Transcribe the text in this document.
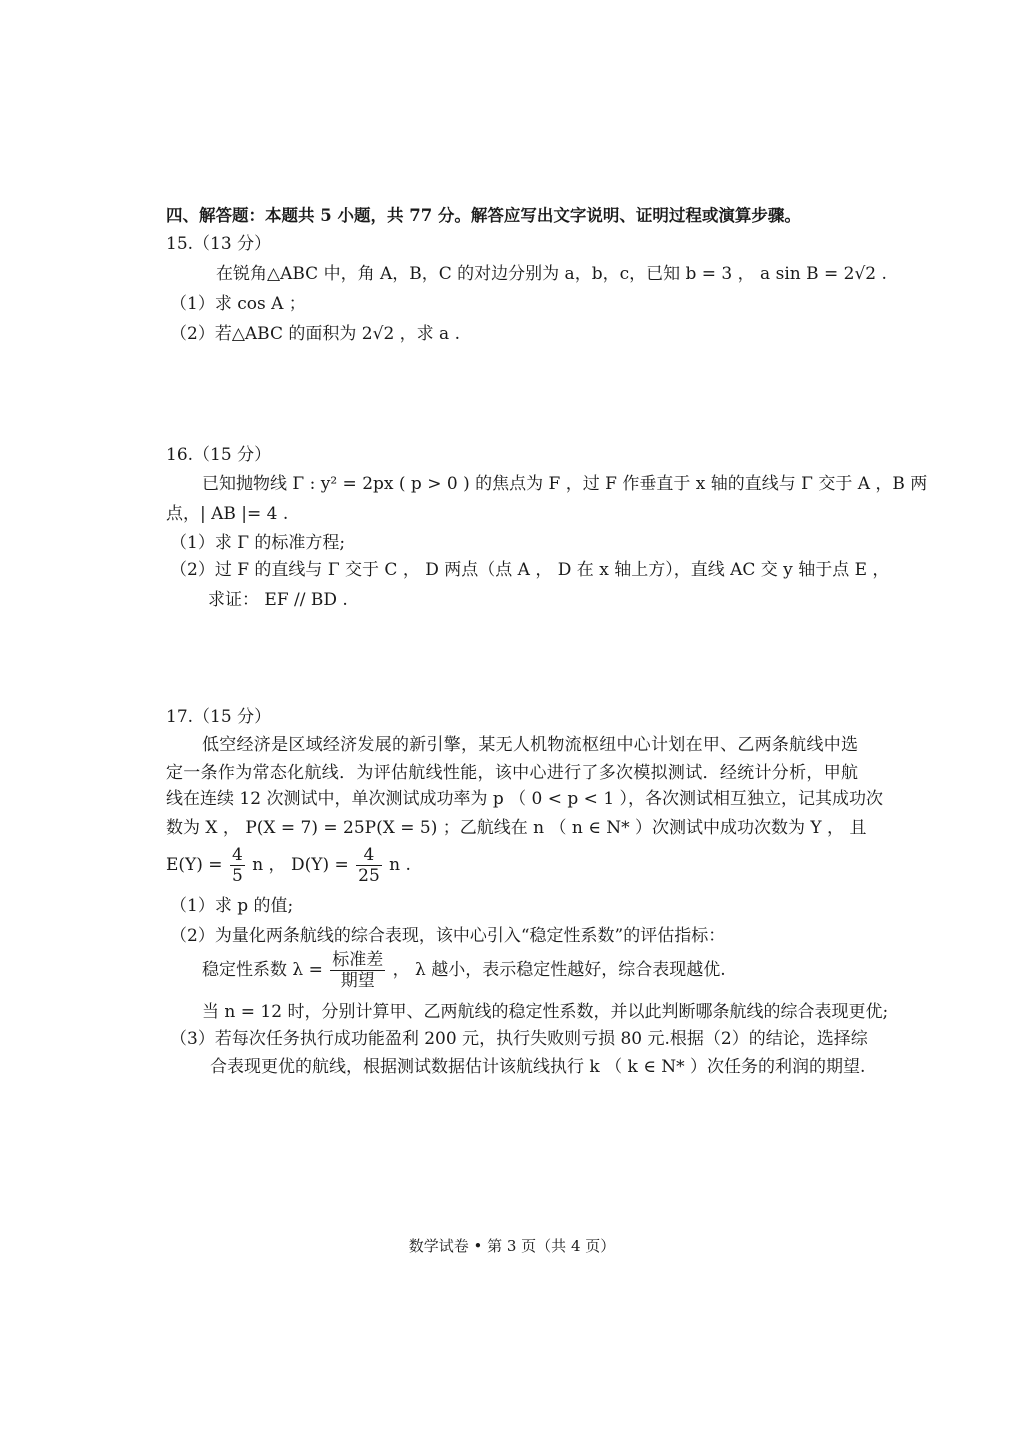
四、解答题：本题共 5 小题，共 77 分。解答应写出文字说明、证明过程或演算步骤。
15.（13 分）
在锐角△ABC 中，角 A，B，C 的对边分别为 a，b，c，已知 b = 3 ， a sin B = 2√2 .
（1）求 cos A ；
（2）若△ABC 的面积为 2√2 ，求 a .
16.（15 分）
已知抛物线 Γ : y² = 2px ( p > 0 ) 的焦点为 F ，过 F 作垂直于 x 轴的直线与 Γ 交于 A ，B 两
点，| AB |= 4 .
（1）求 Γ 的标准方程;
（2）过 F 的直线与 Γ 交于 C ， D 两点（点 A ， D 在 x 轴上方），直线 AC 交 y 轴于点 E ，
求证： EF // BD .
17.（15 分）
低空经济是区域经济发展的新引擎，某无人机物流枢纽中心计划在甲、乙两条航线中选
定一条作为常态化航线．为评估航线性能，该中心进行了多次模拟测试．经统计分析，甲航
线在连续 12 次测试中，单次测试成功率为 p （ 0 < p < 1 ），各次测试相互独立，记其成功次
数为 X ， P(X = 7) = 25P(X = 5) ；乙航线在 n （ n ∈ N* ）次测试中成功次数为 Y ， 且
$E(Y) = \frac{4}{5}$ n ， $D(Y) = \frac{4}{25}$ n .
（1）求 p 的值;
（2）为量化两条航线的综合表现，该中心引入“稳定性系数”的评估指标：
稳定性系数 $\lambda = \frac{\text{标准差}}{\text{期望}}$ ， λ 越小，表示稳定性越好，综合表现越优.
当 n = 12 时，分别计算甲、乙两航线的稳定性系数，并以此判断哪条航线的综合表现更优;
（3）若每次任务执行成功能盈利 200 元，执行失败则亏损 80 元.根据（2）的结论，选择综
合表现更优的航线，根据测试数据估计该航线执行 k （ k ∈ N* ）次任务的利润的期望.
数学试卷 • 第 3 页（共 4 页）
